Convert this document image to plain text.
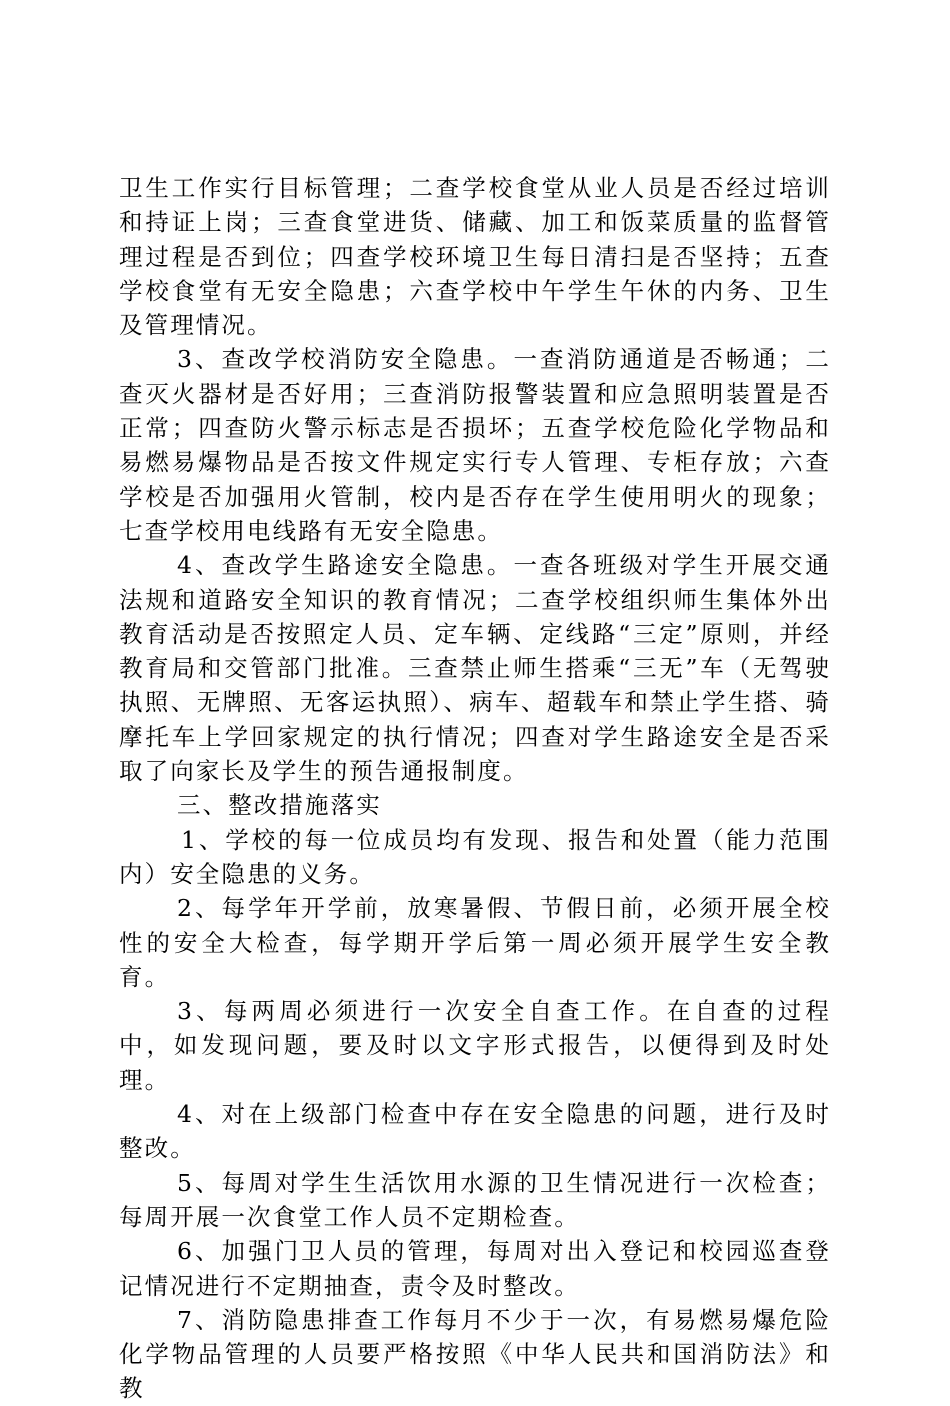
卫生工作实行目标管理；二查学校食堂从业人员是否经过培训和持证上岗；三查食堂进货、储藏、加工和饭菜质量的监督管理过程是否到位；四查学校环境卫生每日清扫是否坚持；五查学校食堂有无安全隐患；六查学校中午学生午休的内务、卫生及管理情况。

3、查改学校消防安全隐患。一查消防通道是否畅通；二查灭火器材是否好用；三查消防报警装置和应急照明装置是否正常；四查防火警示标志是否损坏；五查学校危险化学物品和易燃易爆物品是否按文件规定实行专人管理、专柜存放；六查学校是否加强用火管制，校内是否存在学生使用明火的现象；七查学校用电线路有无安全隐患。

4、查改学生路途安全隐患。一查各班级对学生开展交通法规和道路安全知识的教育情况；二查学校组织师生集体外出教育活动是否按照定人员、定车辆、定线路“三定”原则，并经教育局和交管部门批准。三查禁止师生搭乘“三无”车（无驾驶执照、无牌照、无客运执照）、病车、超载车和禁止学生搭、骑摩托车上学回家规定的执行情况；四查对学生路途安全是否采取了向家长及学生的预告通报制度。

三、整改措施落实

1、学校的每一位成员均有发现、报告和处置（能力范围内）安全隐患的义务。

2、每学年开学前，放寒暑假、节假日前，必须开展全校性的安全大检查，每学期开学后第一周必须开展学生安全教育。

3、每两周必须进行一次安全自查工作。在自查的过程中，如发现问题，要及时以文字形式报告，以便得到及时处理。

4、对在上级部门检查中存在安全隐患的问题，进行及时整改。

5、每周对学生生活饮用水源的卫生情况进行一次检查；每周开展一次食堂工作人员不定期检查。

6、加强门卫人员的管理，每周对出入登记和校园巡查登记情况进行不定期抽查，责令及时整改。

7、消防隐患排查工作每月不少于一次，有易燃易爆危险化学物品管理的人员要严格按照《中华人民共和国消防法》和教
